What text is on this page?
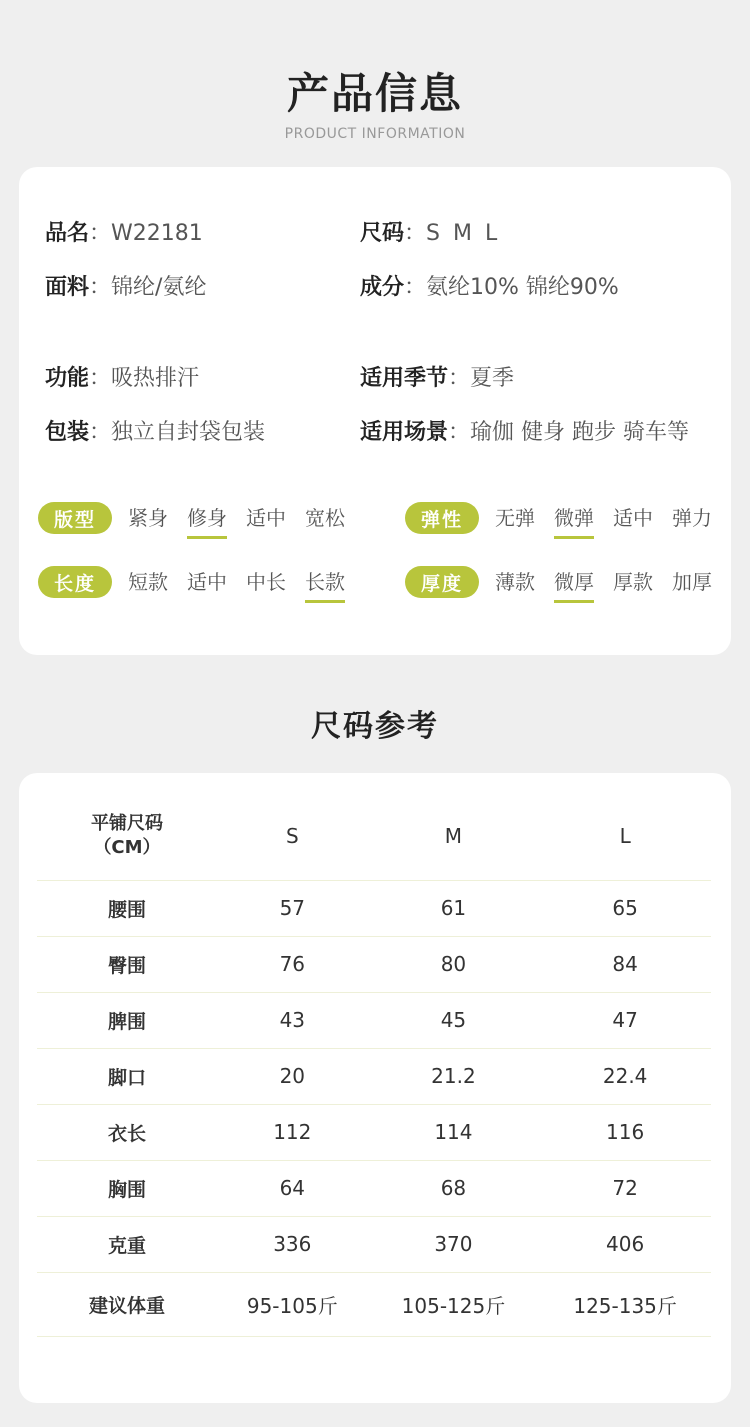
产品信息
PRODUCT INFORMATION
品名：W22181	尺码：S M L
面料：锦纶/氨纶	成分：氨纶10% 锦纶90%
功能：吸热排汗	适用季节：夏季
包装：独立自封袋包装	适用场景：瑜伽 健身 跑步 骑车等
版型	紧身 修身 适中 宽松	弹性	无弹 微弹 适中 弹力
长度	短款 适中 中长 长款	厚度	薄款 微厚 厚款 加厚
尺码参考
平铺尺码
（CM）	S	M	L
腰围	57	61	65
臀围	76	80	84
脾围	43	45	47
脚口	20	21.2	22.4
衣长	112	114	116
胸围	64	68	72
克重	336	370	406
建议体重	95-105斤	105-125斤	125-135斤
